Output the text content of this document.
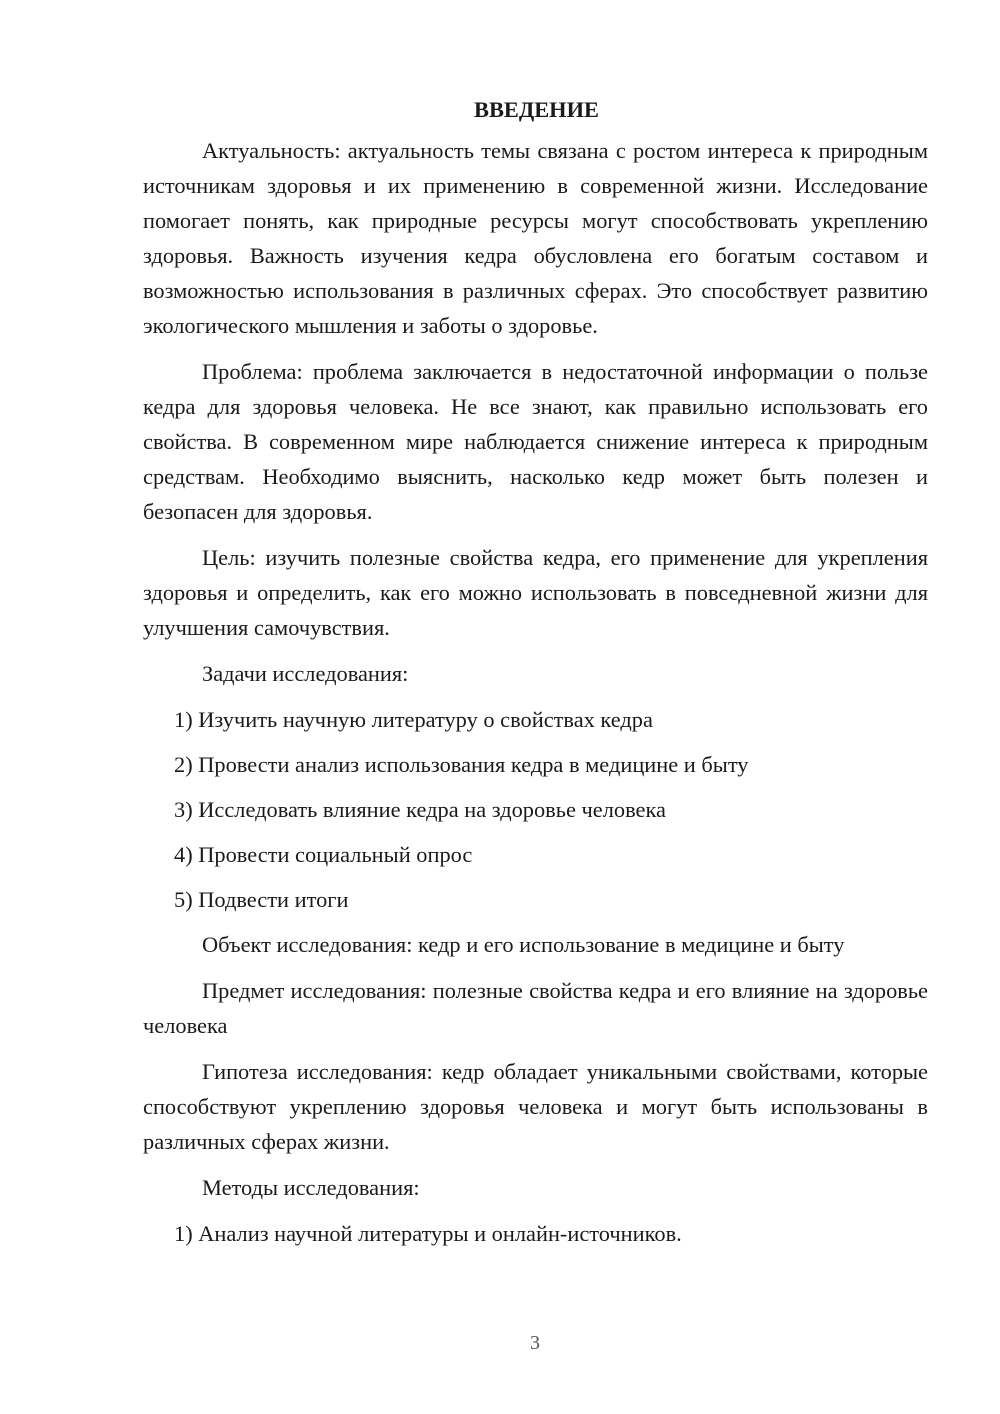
ВВЕДЕНИЕ

Актуальность: актуальность темы связана с ростом интереса к природным источникам здоровья и их применению в современной жизни. Исследование помогает понять, как природные ресурсы могут способствовать укреплению здоровья. Важность изучения кедра обусловлена его богатым составом и возможностью использования в различных сферах. Это способствует развитию экологического мышления и заботы о здоровье.

Проблема: проблема заключается в недостаточной информации о пользе кедра для здоровья человека. Не все знают, как правильно использовать его свойства. В современном мире наблюдается снижение интереса к природным средствам. Необходимо выяснить, насколько кедр может быть полезен и безопасен для здоровья.

Цель: изучить полезные свойства кедра, его применение для укрепления здоровья и определить, как его можно использовать в повседневной жизни для улучшения самочувствия.

Задачи исследования:

1) Изучить научную литературу о свойствах кедра
2) Провести анализ использования кедра в медицине и быту
3) Исследовать влияние кедра на здоровье человека
4) Провести социальный опрос
5) Подвести итоги

Объект исследования: кедр и его использование в медицине и быту

Предмет исследования: полезные свойства кедра и его влияние на здоровье человека

Гипотеза исследования: кедр обладает уникальными свойствами, которые способствуют укреплению здоровья человека и могут быть использованы в различных сферах жизни.

Методы исследования:

1) Анализ научной литературы и онлайн-источников.
3
